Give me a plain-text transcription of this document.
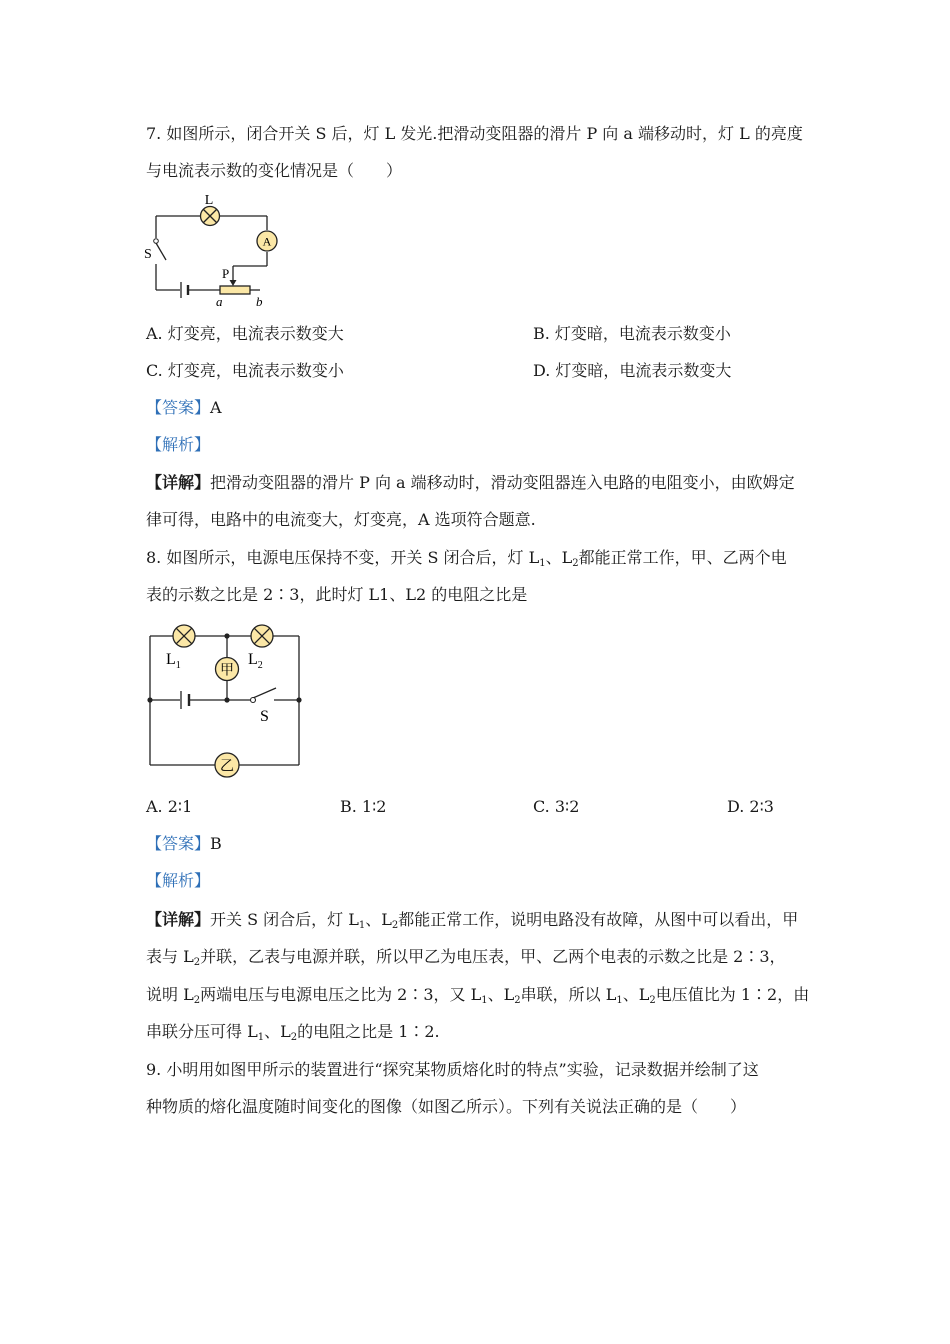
7. 如图所示，闭合开关 S 后，灯 L 发光.把滑动变阻器的滑片 P 向 a 端移动时，灯 L 的亮度
与电流表示数的变化情况是（　　）
A
L
S
P
a	b
A. 灯变亮，电流表示数变大	B. 灯变暗，电流表示数变小
C. 灯变亮，电流表示数变小	D. 灯变暗，电流表示数变大
【答案】A
【解析】
【详解】把滑动变阻器的滑片 P 向 a 端移动时，滑动变阻器连入电路的电阻变小，由欧姆定
律可得，电路中的电流变大，灯变亮，A 选项符合题意.
8. 如图所示，电源电压保持不变，开关 S 闭合后，灯 $L_1$、$L_2$都能正常工作，甲、乙两个电
表的示数之比是 2∶3，此时灯 L1、L2 的电阻之比是
甲
乙
$L_1$	$L_2$
S
A. 2∶1	B. 1∶2	C. 3∶2	D. 2∶3
【答案】B
【解析】
【详解】开关 S 闭合后，灯 $L_1$、$L_2$都能正常工作，说明电路没有故障，从图中可以看出，甲
表与 $L_2$并联，乙表与电源并联，所以甲乙为电压表，甲、乙两个电表的示数之比是 2∶3，
说明 $L_2$两端电压与电源电压之比为 2∶3，又 $L_1$、$L_2$串联，所以 $L_1$、$L_2$电压值比为 1∶2，由
串联分压可得 $L_1$、$L_2$的电阻之比是 1∶2.
9. 小明用如图甲所示的装置进行“探究某物质熔化时的特点”实验，记录数据并绘制了这
种物质的熔化温度随时间变化的图像（如图乙所示）。下列有关说法正确的是（　　）
